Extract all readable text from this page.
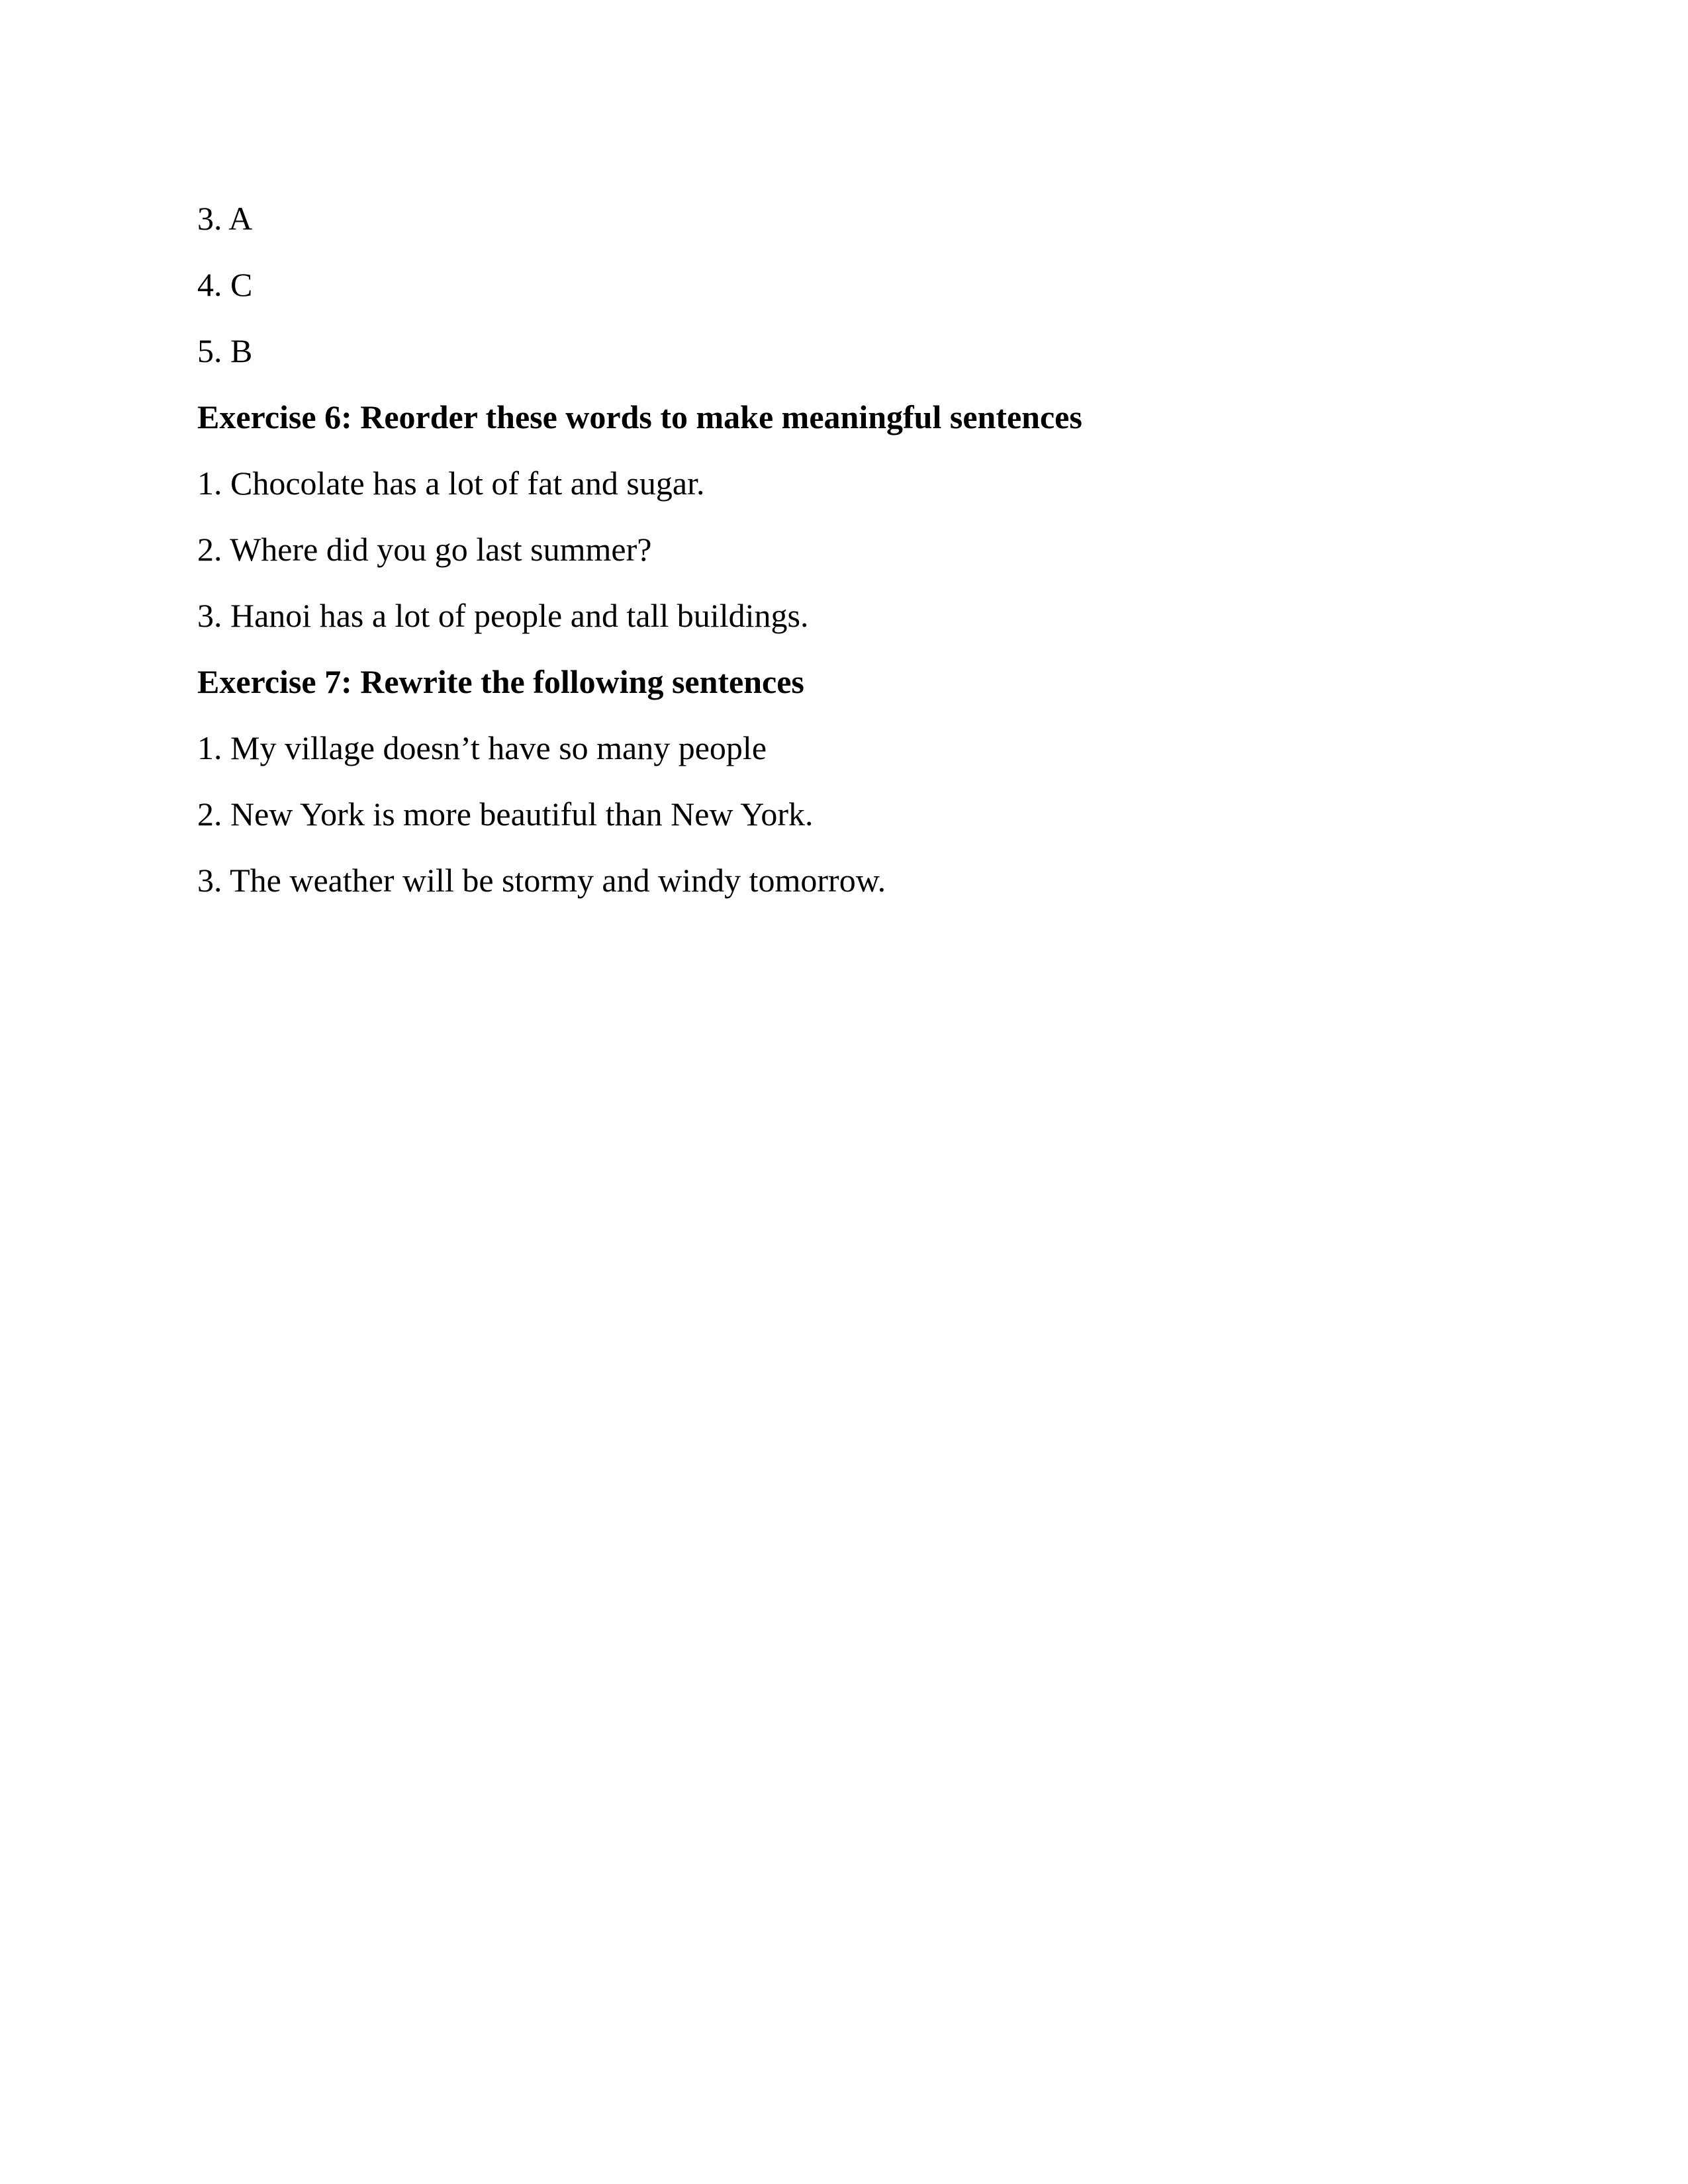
3. A

4. C

5. B

Exercise 6: Reorder these words to make meaningful sentences

1. Chocolate has a lot of fat and sugar.

2. Where did you go last summer?

3. Hanoi has a lot of people and tall buildings.

Exercise 7: Rewrite the following sentences

1. My village doesn’t have so many people

2. New York is more beautiful than New York.

3. The weather will be stormy and windy tomorrow.
